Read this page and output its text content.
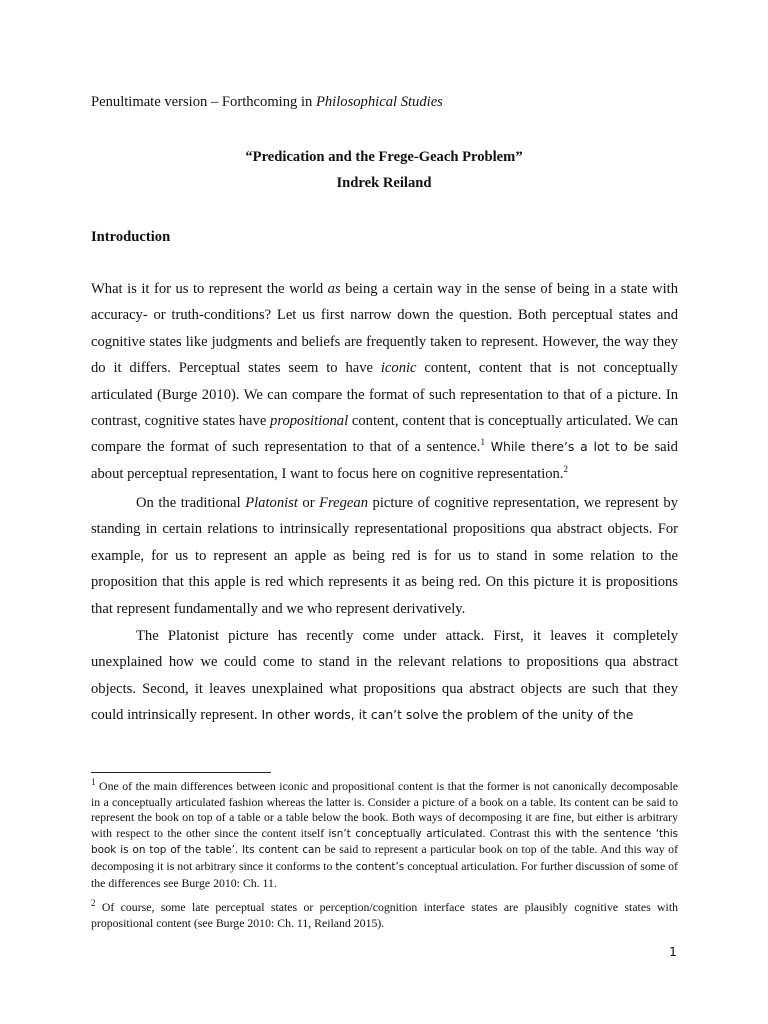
Penultimate version – Forthcoming in Philosophical Studies
“Predication and the Frege-Geach Problem”
Indrek Reiland
Introduction
What is it for us to represent the world as being a certain way in the sense of being in a state with accuracy- or truth-conditions? Let us first narrow down the question. Both perceptual states and cognitive states like judgments and beliefs are frequently taken to represent. However, the way they do it differs. Perceptual states seem to have iconic content, content that is not conceptually articulated (Burge 2010). We can compare the format of such representation to that of a picture. In contrast, cognitive states have propositional content, content that is conceptually articulated. We can compare the format of such representation to that of a sentence.$^1$ While there’s a lot to be said about perceptual representation, I want to focus here on cognitive representation.$^2$
On the traditional Platonist or Fregean picture of cognitive representation, we represent by standing in certain relations to intrinsically representational propositions qua abstract objects. For example, for us to represent an apple as being red is for us to stand in some relation to the proposition that this apple is red which represents it as being red. On this picture it is propositions that represent fundamentally and we who represent derivatively.
The Platonist picture has recently come under attack. First, it leaves it completely unexplained how we could come to stand in the relevant relations to propositions qua abstract objects. Second, it leaves unexplained what propositions qua abstract objects are such that they could intrinsically represent. In other words, it can’t solve the problem of the unity of the
$^1$ One of the main differences between iconic and propositional content is that the former is not canonically decomposable in a conceptually articulated fashion whereas the latter is. Consider a picture of a book on a table. Its content can be said to represent the book on top of a table or a table below the book. Both ways of decomposing it are fine, but either is arbitrary with respect to the other since the content itself isn’t conceptually articulated. Contrast this with the sentence ‘this book is on top of the table’. Its content can be said to represent a particular book on top of the table. And this way of decomposing it is not arbitrary since it conforms to the content’s conceptual articulation. For further discussion of some of the differences see Burge 2010: Ch. 11.
$^2$ Of course, some late perceptual states or perception/cognition interface states are plausibly cognitive states with propositional content (see Burge 2010: Ch. 11, Reiland 2015).
1
